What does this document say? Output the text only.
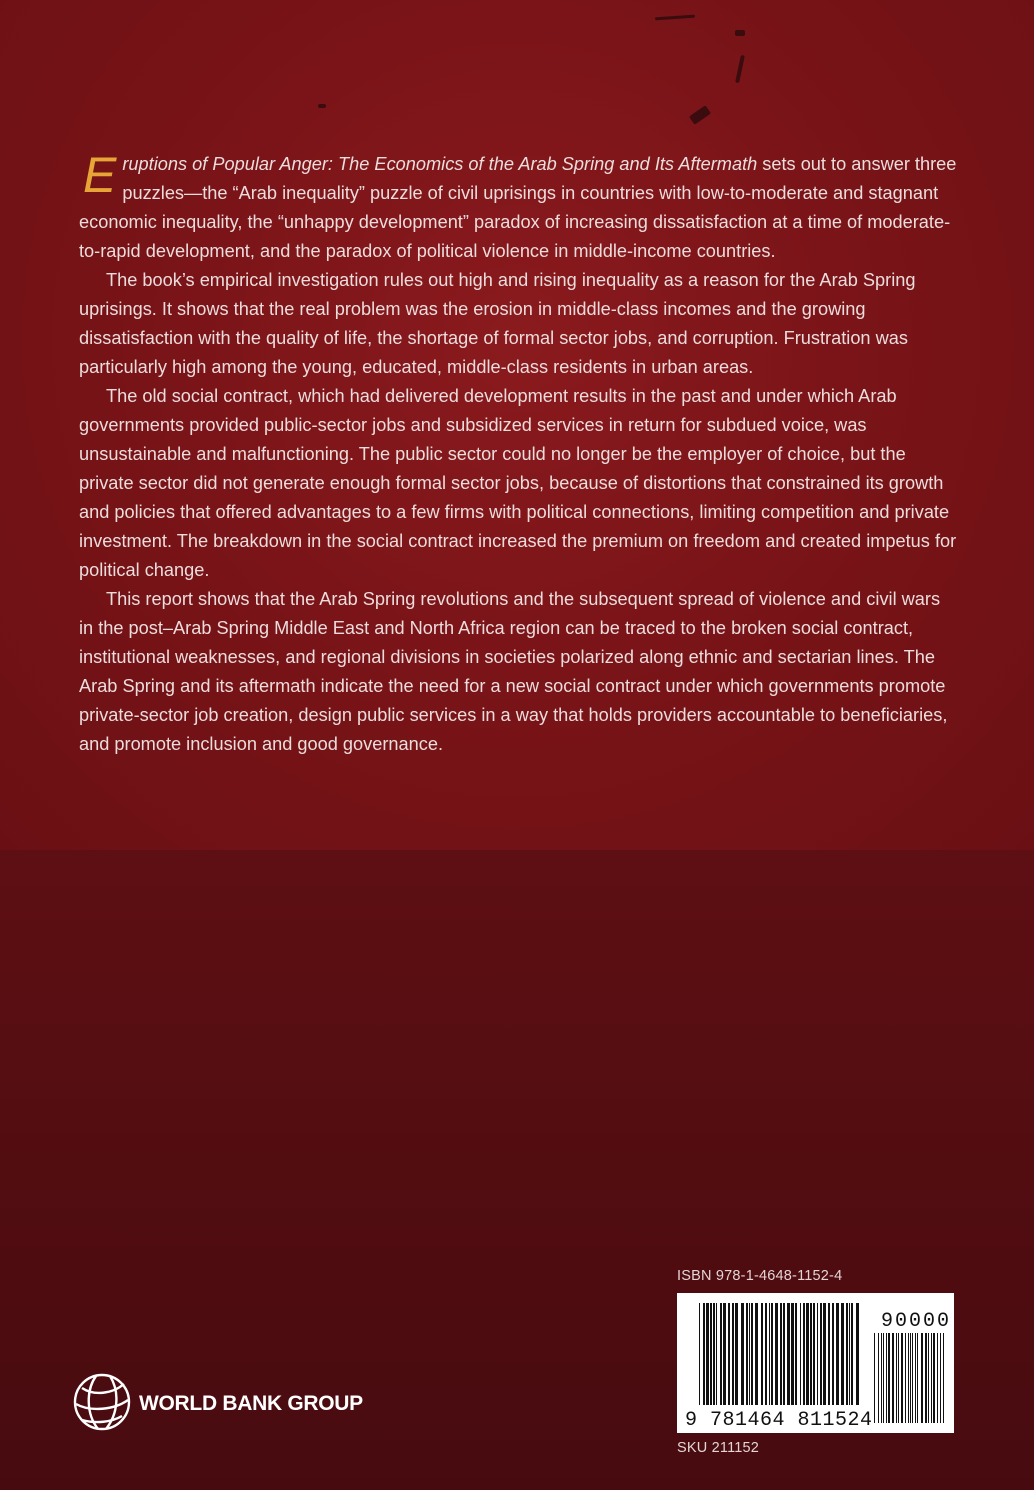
Eruptions of Popular Anger: The Economics of the Arab Spring and Its Aftermath sets out to answer three puzzles—the “Arab inequality” puzzle of civil uprisings in countries with low-to-moderate and stagnant economic inequality, the “unhappy development” paradox of increasing dissatisfaction at a time of moderate-to-rapid development, and the paradox of political violence in middle-income countries.

The book’s empirical investigation rules out high and rising inequality as a reason for the Arab Spring uprisings. It shows that the real problem was the erosion in middle-class incomes and the growing dissatisfaction with the quality of life, the shortage of formal sector jobs, and corruption. Frustration was particularly high among the young, educated, middle-class residents in urban areas.

The old social contract, which had delivered development results in the past and under which Arab governments provided public-sector jobs and subsidized services in return for subdued voice, was unsustainable and malfunctioning. The public sector could no longer be the employer of choice, but the private sector did not generate enough formal sector jobs, because of distortions that constrained its growth and policies that offered advantages to a few firms with political connections, limiting competition and private investment. The breakdown in the social contract increased the premium on freedom and created impetus for political change.

This report shows that the Arab Spring revolutions and the subsequent spread of violence and civil wars in the post–Arab Spring Middle East and North Africa region can be traced to the broken social contract, institutional weaknesses, and regional divisions in societies polarized along ethnic and sectarian lines. The Arab Spring and its aftermath indicate the need for a new social contract under which governments promote private-sector job creation, design public services in a way that holds providers accountable to beneficiaries, and promote inclusion and good governance.

WORLD BANK GROUP
ISBN 978-1-4648-1152-4
90000
9 781464 811524
SKU 211152
